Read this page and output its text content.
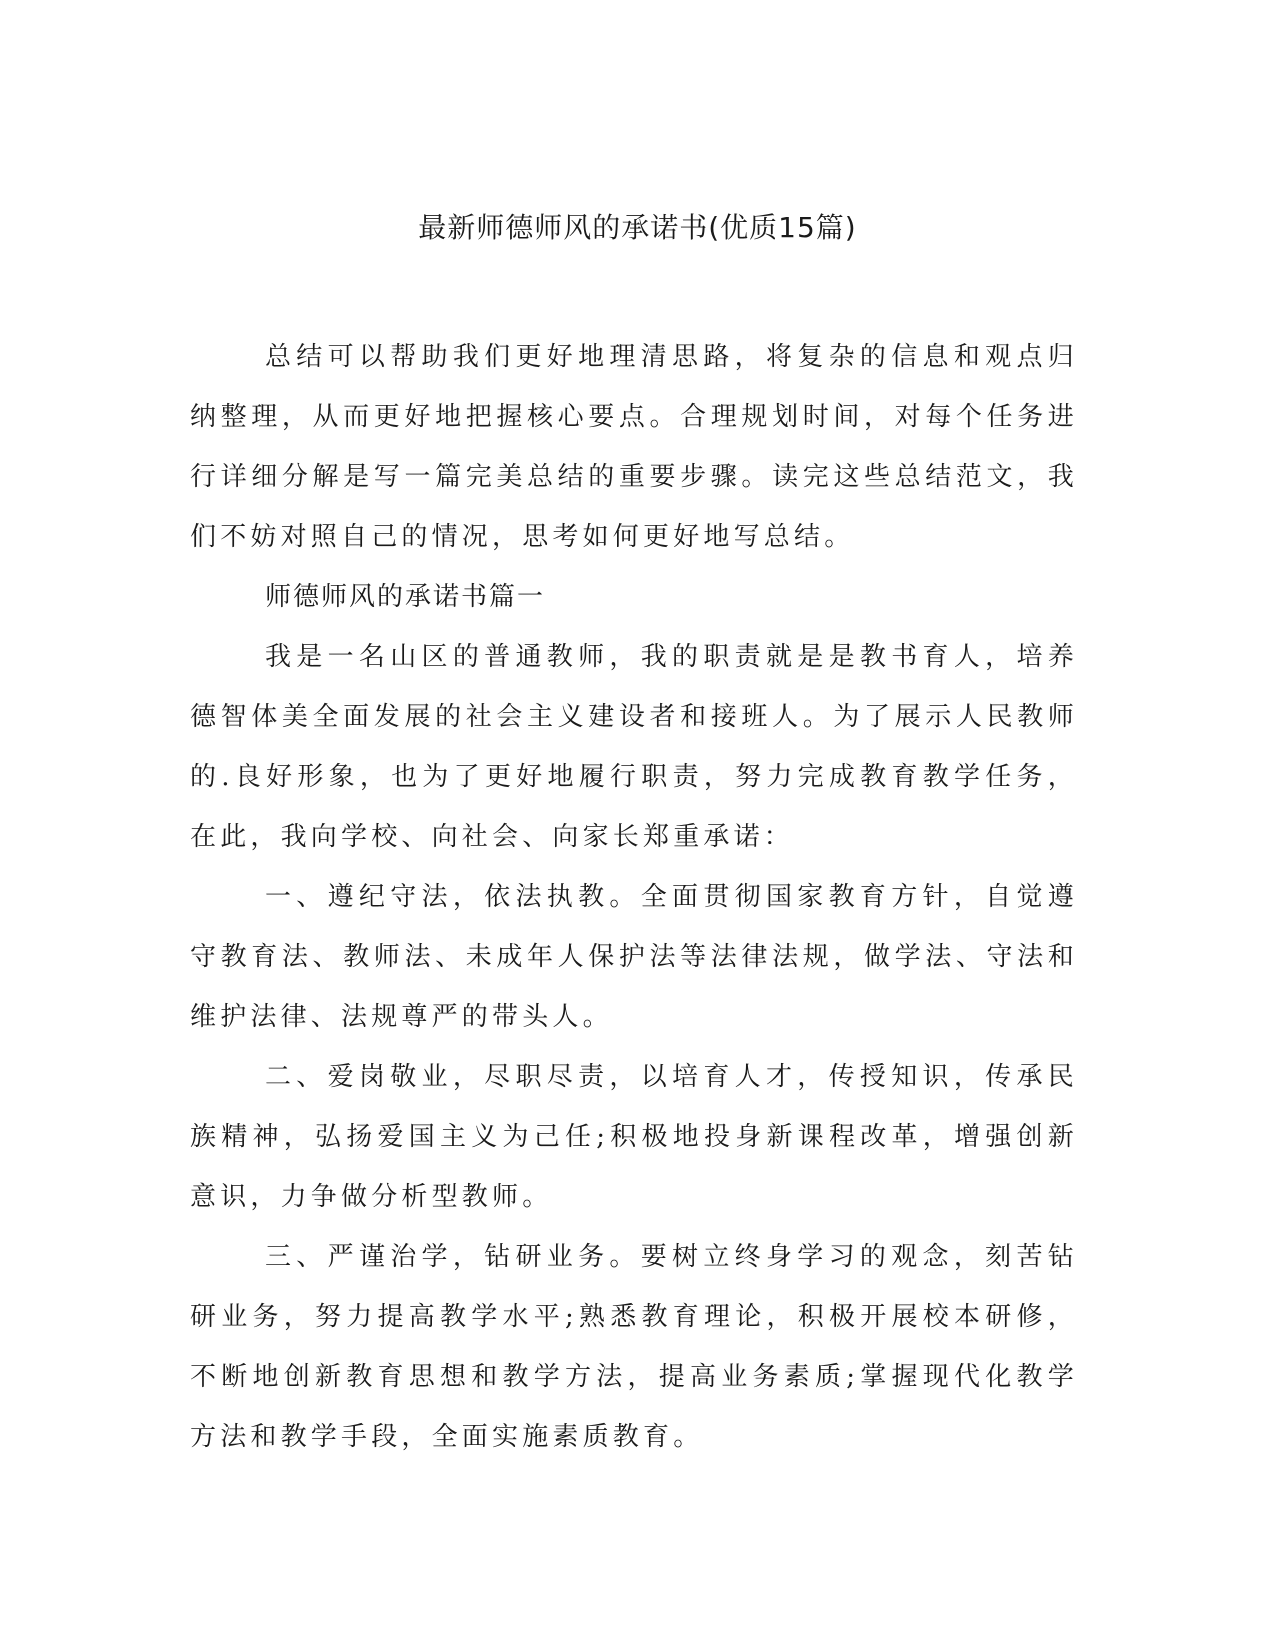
最新师德师风的承诺书(优质15篇)

总结可以帮助我们更好地理清思路，将复杂的信息和观点归纳整理，从而更好地把握核心要点。合理规划时间，对每个任务进行详细分解是写一篇完美总结的重要步骤。读完这些总结范文，我们不妨对照自己的情况，思考如何更好地写总结。

师德师风的承诺书篇一

我是一名山区的普通教师，我的职责就是是教书育人，培养德智体美全面发展的社会主义建设者和接班人。为了展示人民教师的.良好形象，也为了更好地履行职责，努力完成教育教学任务，在此，我向学校、向社会、向家长郑重承诺：

一、遵纪守法，依法执教。全面贯彻国家教育方针，自觉遵守教育法、教师法、未成年人保护法等法律法规，做学法、守法和维护法律、法规尊严的带头人。

二、爱岗敬业，尽职尽责，以培育人才，传授知识，传承民族精神，弘扬爱国主义为己任;积极地投身新课程改革，增强创新意识，力争做分析型教师。

三、严谨治学，钻研业务。要树立终身学习的观念，刻苦钻研业务，努力提高教学水平;熟悉教育理论，积极开展校本研修，不断地创新教育思想和教学方法，提高业务素质;掌握现代化教学方法和教学手段，全面实施素质教育。
